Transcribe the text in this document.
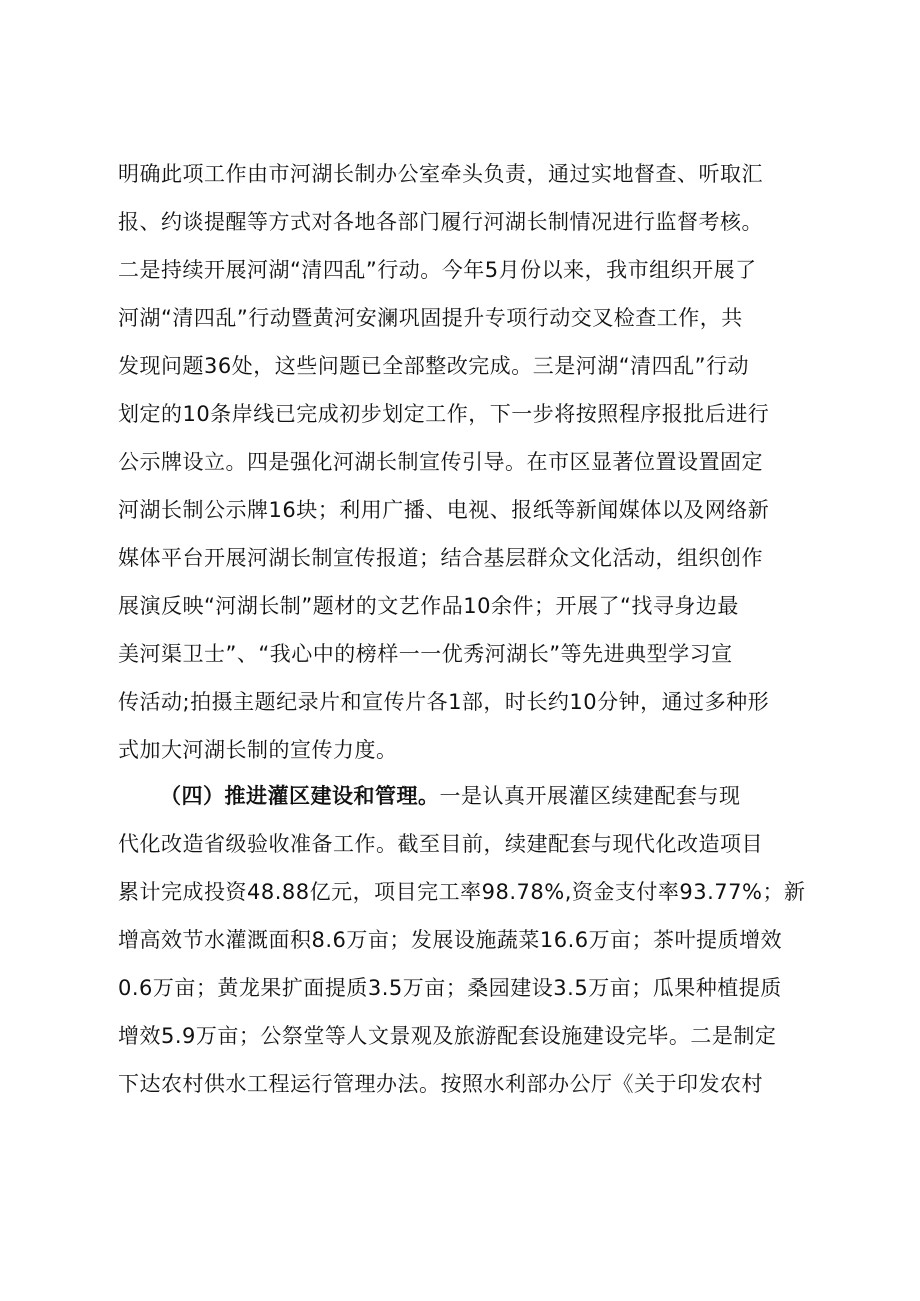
明确此项工作由市河湖长制办公室牵头负责，通过实地督查、听取汇
报、约谈提醒等方式对各地各部门履行河湖长制情况进行监督考核。
二是持续开展河湖“清四乱”行动。今年5月份以来，我市组织开展了
河湖“清四乱”行动暨黄河安澜巩固提升专项行动交叉检查工作，共
发现问题36处，这些问题已全部整改完成。三是河湖“清四乱”行动
划定的10条岸线已完成初步划定工作，下一步将按照程序报批后进行
公示牌设立。四是强化河湖长制宣传引导。在市区显著位置设置固定
河湖长制公示牌16块；利用广播、电视、报纸等新闻媒体以及网络新
媒体平台开展河湖长制宣传报道；结合基层群众文化活动，组织创作
展演反映“河湖长制”题材的文艺作品10余件；开展了“找寻身边最
美河渠卫士”、“我心中的榜样一一优秀河湖长”等先进典型学习宣
传活动;拍摄主题纪录片和宣传片各1部，时长约10分钟，通过多种形
式加大河湖长制的宣传力度。
（四）推进灌区建设和管理。一是认真开展灌区续建配套与现
代化改造省级验收准备工作。截至目前，续建配套与现代化改造项目
累计完成投资48.88亿元，项目完工率98.78%,资金支付率93.77%；新
增高效节水灌溉面积8.6万亩；发展设施蔬菜16.6万亩；茶叶提质增效
0.6万亩；黄龙果扩面提质3.5万亩；桑园建设3.5万亩；瓜果种植提质
增效5.9万亩；公祭堂等人文景观及旅游配套设施建设完毕。二是制定
下达农村供水工程运行管理办法。按照水利部办公厅《关于印发农村
